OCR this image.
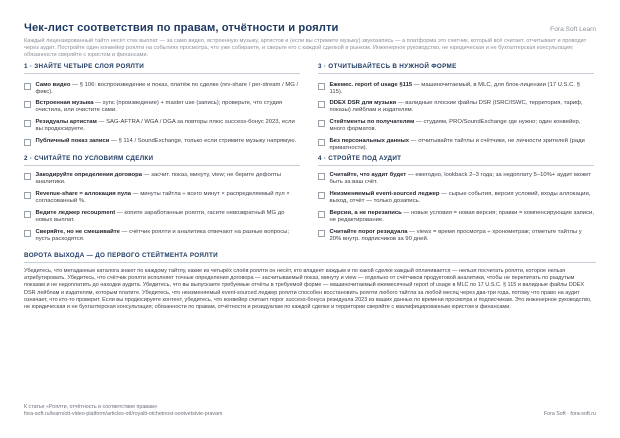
Чек-лист соответствия по правам, отчётности и роялти	Fora Soft Learn
Каждый лицензированный тайтл несёт стек выплат — за само видео, встроенную музыку, артистов и (если вы стримите музыку) звукозапись — а платформа это считчик, который всё считает, отчитывает и проводит через аудит. Постройте один конвейер роялти на событиях просмотра, что уже собираете, и сверьте его с каждой сделкой и рынком. Инженерное руководство, не юридическая и не бухгалтерская консультация; обязанности сверяйте с юристом и финансами.
1 · ЗНАЙТЕ ЧЕТЫРЕ СЛОЯ РОЯЛТИ
Само видео — § 106: воспроизведение и показ, платёж по сделке (rev-share / per-stream / MG / фикс).
Встроенная музыка — sync (произведение) + master use (запись); проверьте, что студия очистила, или очистите сами.
Резидуалы артистам — SAG-AFTRA / WGA / DGA за повторы плюс success-бонус 2023, если вы продюсируете.
Публичный показ записи — § 114 / SoundExchange, только если стримите музыку напрямую.
2 · СЧИТАЙТЕ ПО УСЛОВИЯМ СДЕЛКИ
Закодируйте определения договора — засчит. показ, минуту, view; не берите дефолты аналитики.
Revenue-share = аллокация пула — минуты тайтла ÷ всего минут × распределяемый пул × согласованный %.
Ведите леджер recoupment — копите заработанные роялти, гасите невозвратный MG до новых выплат.
Сверяйте, но не смешивайте — счётчик роялти и аналитика отвечают на разные вопросы; пусть расходятся.
3 · ОТЧИТЫВАЙТЕСЬ В НУЖНОЙ ФОРМЕ
Ежемес. report of usage §115 — машиночитаемый, в MLC, для блок-лицензии (17 U.S.C. § 115).
DDEX DSR для музыки — валидные плоские файлы DSR (ISRC/ISWC, территория, тариф, показы) лейблам и издателям.
Стейтменты по получателям — студиям, PRO/SoundExchange где нужно; один конвейер, много форматов.
Без персональных данных — отчитывайте тайтлы и счётчики, не личности зрителей (ради приватности).
4 · СТРОЙТЕ ПОД АУДИТ
Считайте, что аудит будет — ежегодно, lookback 2–3 года; за недоплату 5–10%+ аудит может быть за ваш счёт.
Неизменяемый event-sourced леджер — сырые события, версия условий, входы аллокации, выход, отчёт — только дозапись.
Версии, а не перезапись — новые условия = новая версия; правки = компенсирующие записи, не редактирование.
Считайте порог резидуала — views = время просмотра ÷ хронометраж; отметьте тайтлы у 20% внутр. подписчиков за 90 дней.
ВОРОТА ВЫХОДА — ДО ПЕРВОГО СТЕЙТМЕНТА РОЯЛТИ
Убедитесь, что метаданные каталога знают по каждому тайтлу, какие из четырёх слоёв роялти он несёт, кто владеет каждым и по какой сделке каждый оплачивается — нельзя посчитать роялти, которое нельзя атрибутировать. Убедитесь, что счётчик роялти исполняет точные определения договора — засчитываемый показ, минуту и view — отдельно от счётчиков продуктовой аналитики, чтобы не перепитать по раздутым показам и не недоплатить до находки аудита. Убедитесь, что вы выпускаете требуемые отчёты в требуемой форме — машиночитаемый ежемесячный report of usage в MLC по 17 U.S.C. § 115 и валидные файлы DDEX DSR лейблам и издателям, которым платите. Убедитесь, что неизменяемый event-sourced леджер роялти способен восстановить роялти любого тайтла за любой месяц через два-три года, потому что право на аудит означает, что кто-то проверит. Если вы продюсируете контент, убедитесь, что конвейер считает порог success-бонуса резидуала 2023 из ваших данных по времени просмотра и подписчикам. Это инженерное руководство, не юридическая и не бухгалтерская консультация; обязанности по правам, отчётности и резидуалам по каждой сделке и территории сверяйте с квалифицированным юристом и финансами.
К статье «Роялти, отчётность и соответствие правам»
fora-soft.ru/learn/ott-video-platform/articles-ott/royalti-otchetnost-sootvetstvie-pravam	Fora Soft · fora-soft.ru
